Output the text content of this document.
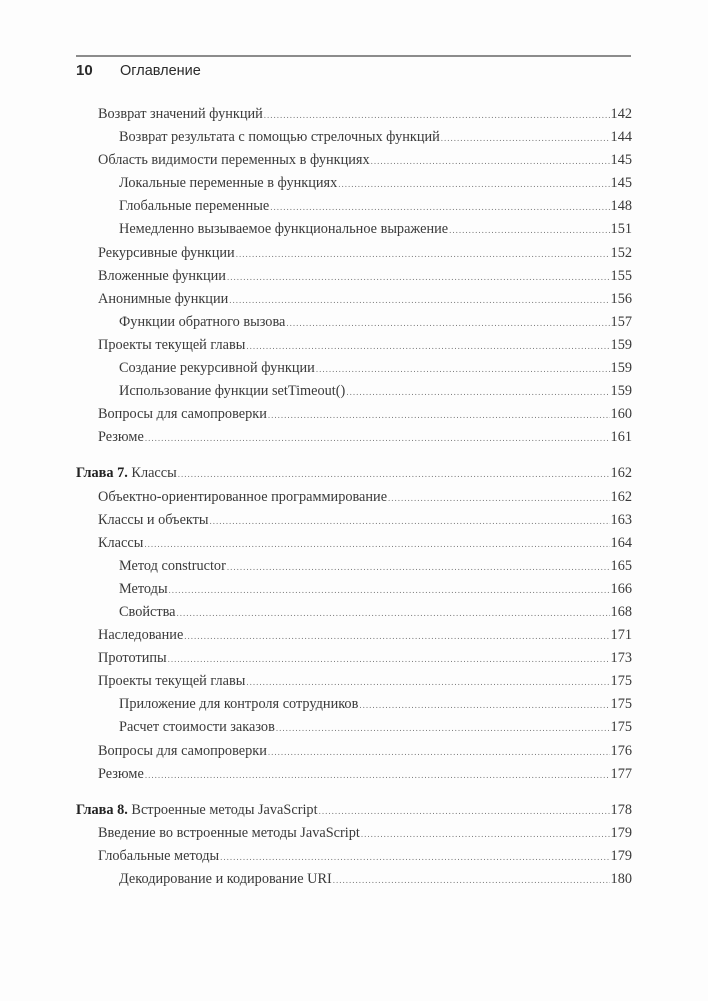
10	Оглавление
Возврат значений функций .....	142
Возврат результата с помощью стрелочных функций .....	144
Область видимости переменных в функциях .....	145
Локальные переменные в функциях .....	145
Глобальные переменные .....	148
Немедленно вызываемое функциональное выражение .....	151
Рекурсивные функции .....	152
Вложенные функции .....	155
Анонимные функции .....	156
Функции обратного вызова .....	157
Проекты текущей главы .....	159
Создание рекурсивной функции .....	159
Использование функции setTimeout() .....	159
Вопросы для самопроверки .....	160
Резюме .....	161
Глава 7. Классы .....	162
Объектно-ориентированное программирование .....	162
Классы и объекты .....	163
Классы .....	164
Метод constructor .....	165
Методы .....	166
Свойства .....	168
Наследование .....	171
Прототипы .....	173
Проекты текущей главы .....	175
Приложение для контроля сотрудников .....	175
Расчет стоимости заказов .....	175
Вопросы для самопроверки .....	176
Резюме .....	177
Глава 8. Встроенные методы JavaScript .....	178
Введение во встроенные методы JavaScript .....	179
Глобальные методы .....	179
Декодирование и кодирование URI .....	180
